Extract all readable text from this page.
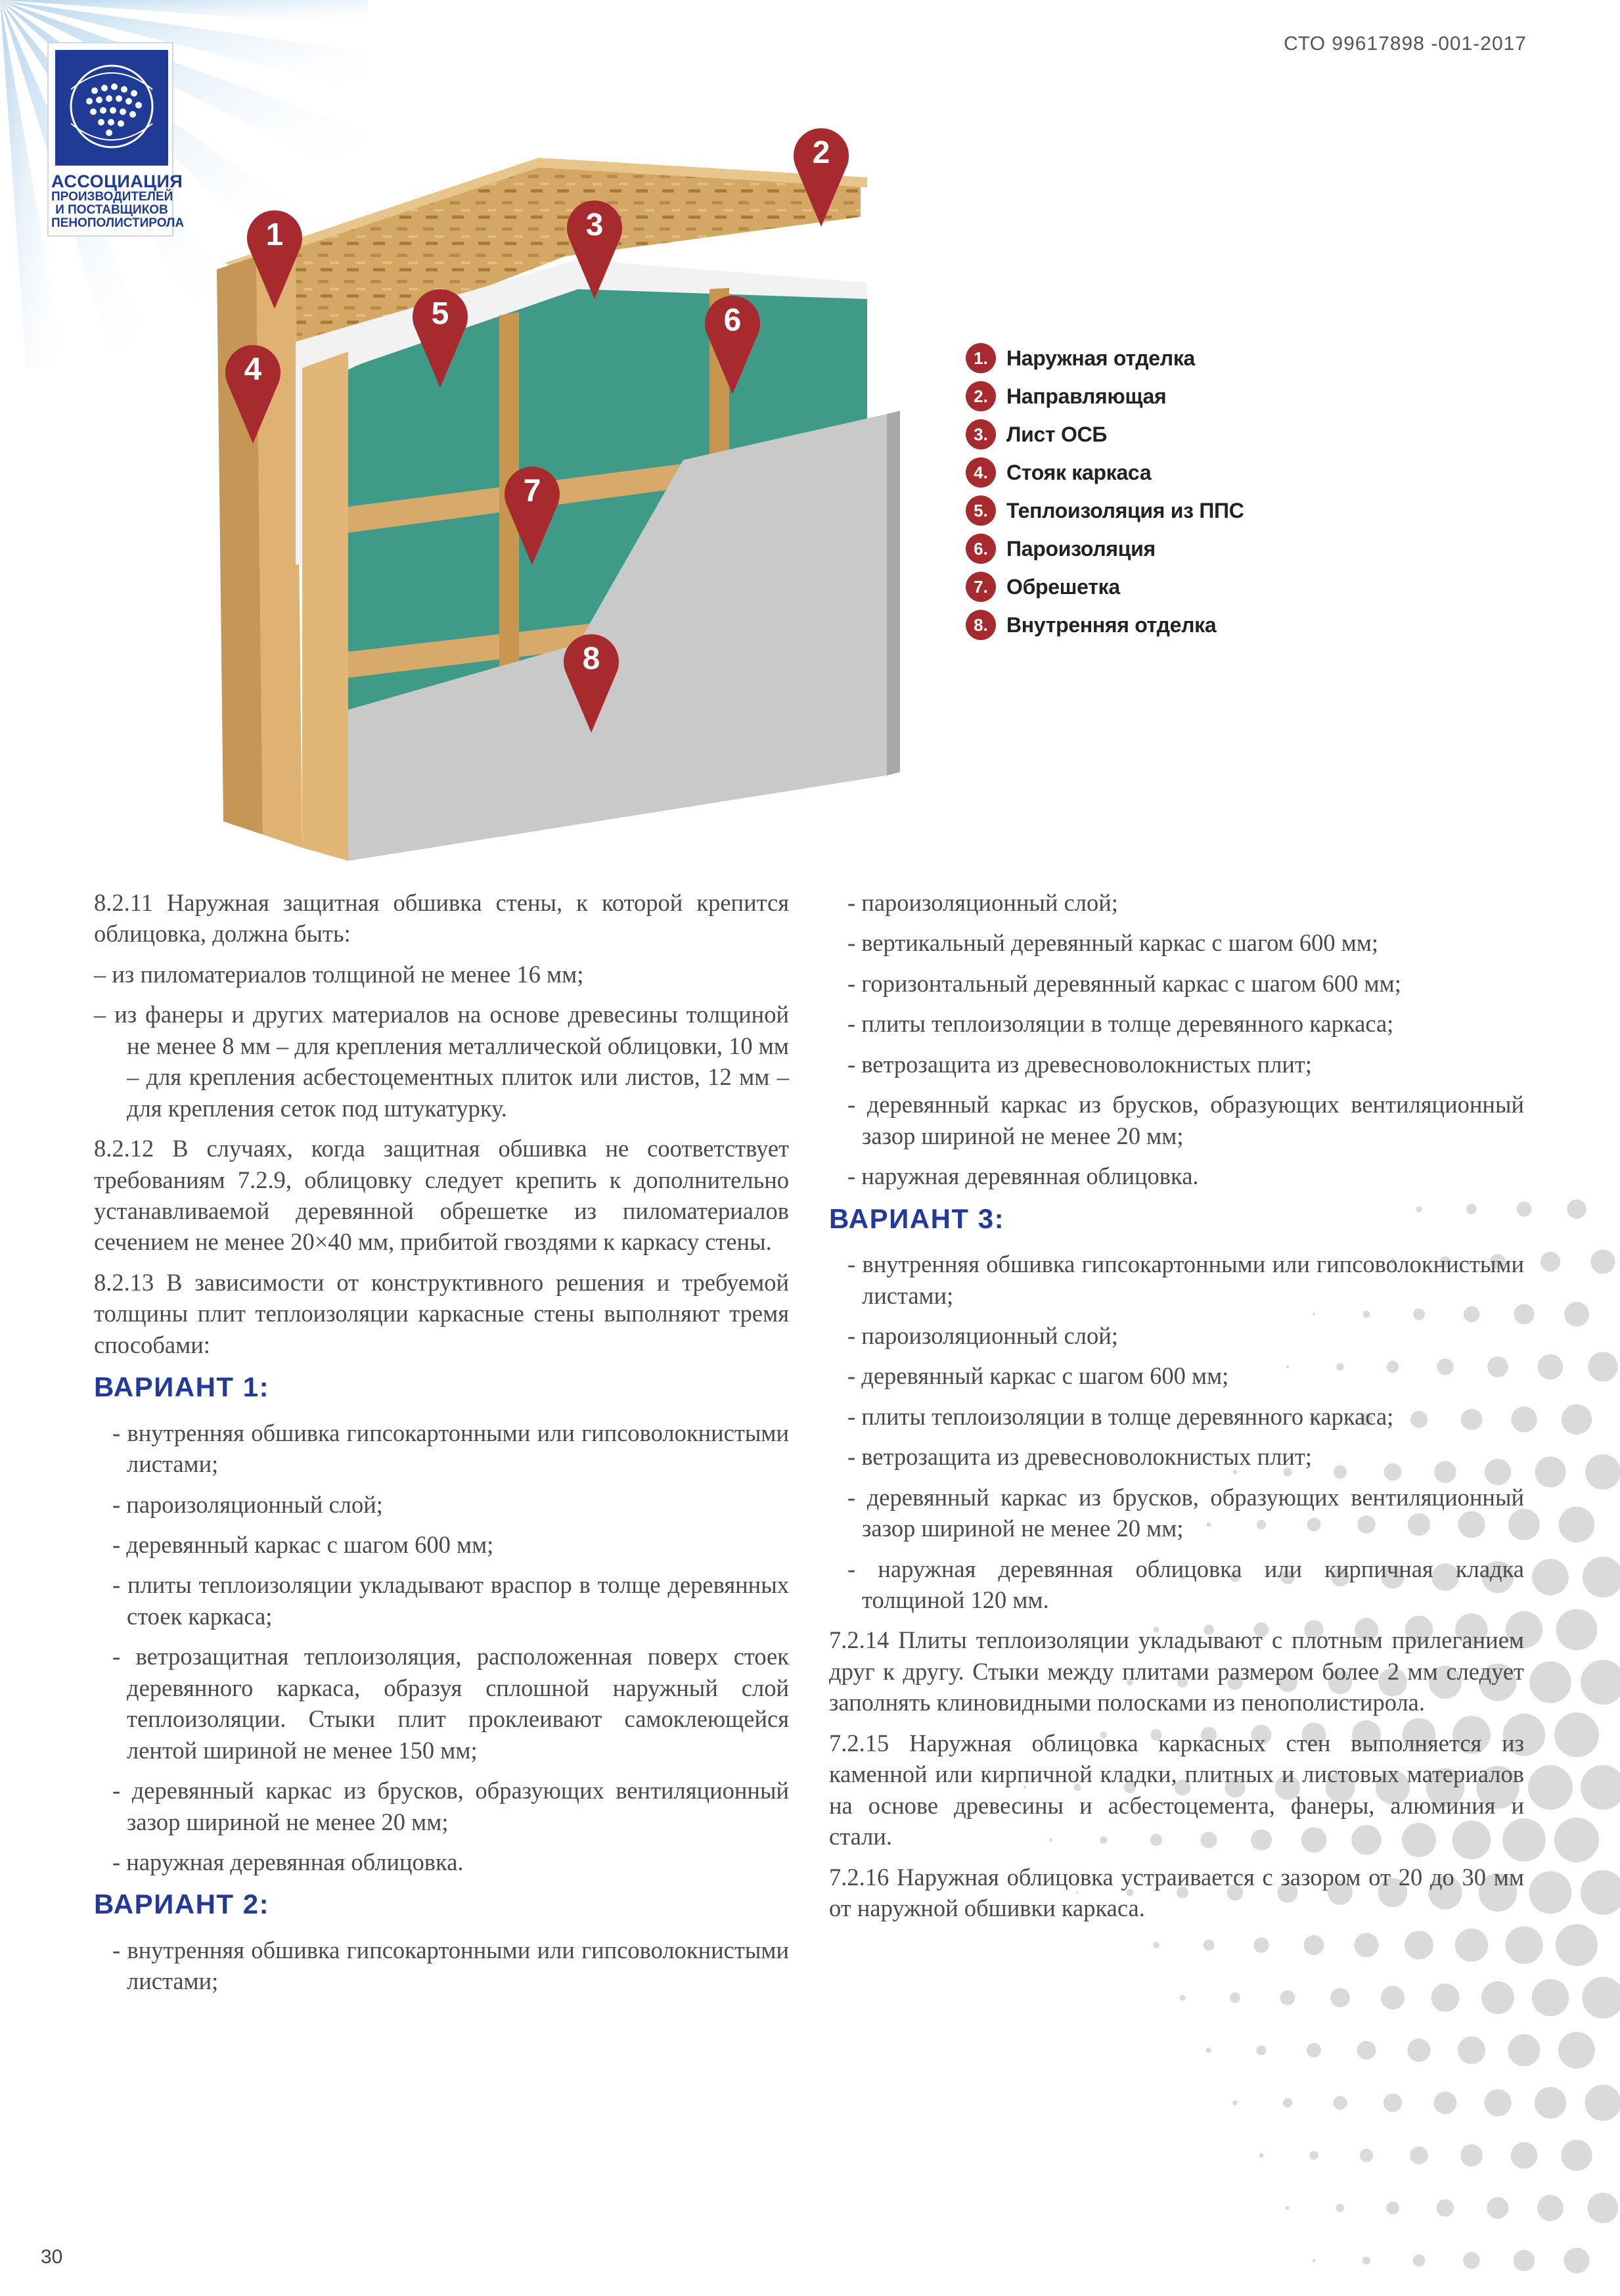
АССОЦИАЦИЯ
ПРОИЗВОДИТЕЛЕЙ
И ПОСТАВЩИКОВ
ПЕНОПОЛИСТИРОЛА
СТО 99617898 -001-2017
1
2
3
4
5	6
7
8
1. Наружная отделка
2. Направляющая
3. Лист ОСБ
4. Стояк каркаса
5. Теплоизоляция из ППС
6. Пароизоляция
7. Обрешетка
8. Внутренняя отделка

8.2.11 Наружная защитная обшивка стены, к которой крепится облицовка, должна быть:

– из пиломатериалов толщиной не менее 16 мм;

– из фанеры и других материалов на основе древесины толщиной не менее 8 мм – для крепления металлической облицовки, 10 мм – для крепления асбестоцементных плиток или листов, 12 мм – для крепления сеток под штукатурку.

8.2.12 В случаях, когда защитная обшивка не соответствует требованиям 7.2.9, облицовку следует крепить к дополнительно устанавливаемой деревянной обрешетке из пиломатериалов сечением не менее 20×40 мм, прибитой гвоздями к каркасу стены.

8.2.13 В зависимости от конструктивного решения и требуемой толщины плит теплоизоляции каркасные стены выполняют тремя способами:

ВАРИАНТ 1:

- внутренняя обшивка гипсокартонными или гипсоволокнистыми листами;

- пароизоляционный слой;

- деревянный каркас с шагом 600 мм;

- плиты теплоизоляции укладывают враспор в толще деревянных стоек каркаса;

- ветрозащитная теплоизоляция, расположенная поверх стоек деревянного каркаса, образуя сплошной наружный слой теплоизоляции. Стыки плит проклеивают самоклеющейся лентой шириной не менее 150 мм;

- деревянный каркас из брусков, образующих вентиляционный зазор шириной не менее 20 мм;

- наружная деревянная облицовка.

ВАРИАНТ 2:

- внутренняя обшивка гипсокартонными или гипсоволокнистыми листами;

- пароизоляционный слой;

- вертикальный деревянный каркас с шагом 600 мм;

- горизонтальный деревянный каркас с шагом 600 мм;

- плиты теплоизоляции в толще деревянного каркаса;

- ветрозащита из древесноволокнистых плит;

- деревянный каркас из брусков, образующих вентиляционный зазор шириной не менее 20 мм;

- наружная деревянная облицовка.

ВАРИАНТ 3:

- внутренняя обшивка гипсокартонными или гипсоволокнистыми листами;

- пароизоляционный слой;

- деревянный каркас с шагом 600 мм;

- плиты теплоизоляции в толще деревянного каркаса;

- ветрозащита из древесноволокнистых плит;

- деревянный каркас из брусков, образующих вентиляционный зазор шириной не менее 20 мм;

- наружная деревянная облицовка или кирпичная кладка толщиной 120 мм.

7.2.14 Плиты теплоизоляции укладывают с плотным прилеганием друг к другу. Стыки между плитами размером более 2 мм следует заполнять клиновидными полосками из пенополистирола.

7.2.15 Наружная облицовка каркасных стен выполняется из каменной или кирпичной кладки, плитных и листовых материалов на основе древесины и асбестоцемента, фанеры, алюминия и стали.

7.2.16 Наружная облицовка устраивается с зазором от 20 до 30 мм от наружной обшивки каркаса.

30
